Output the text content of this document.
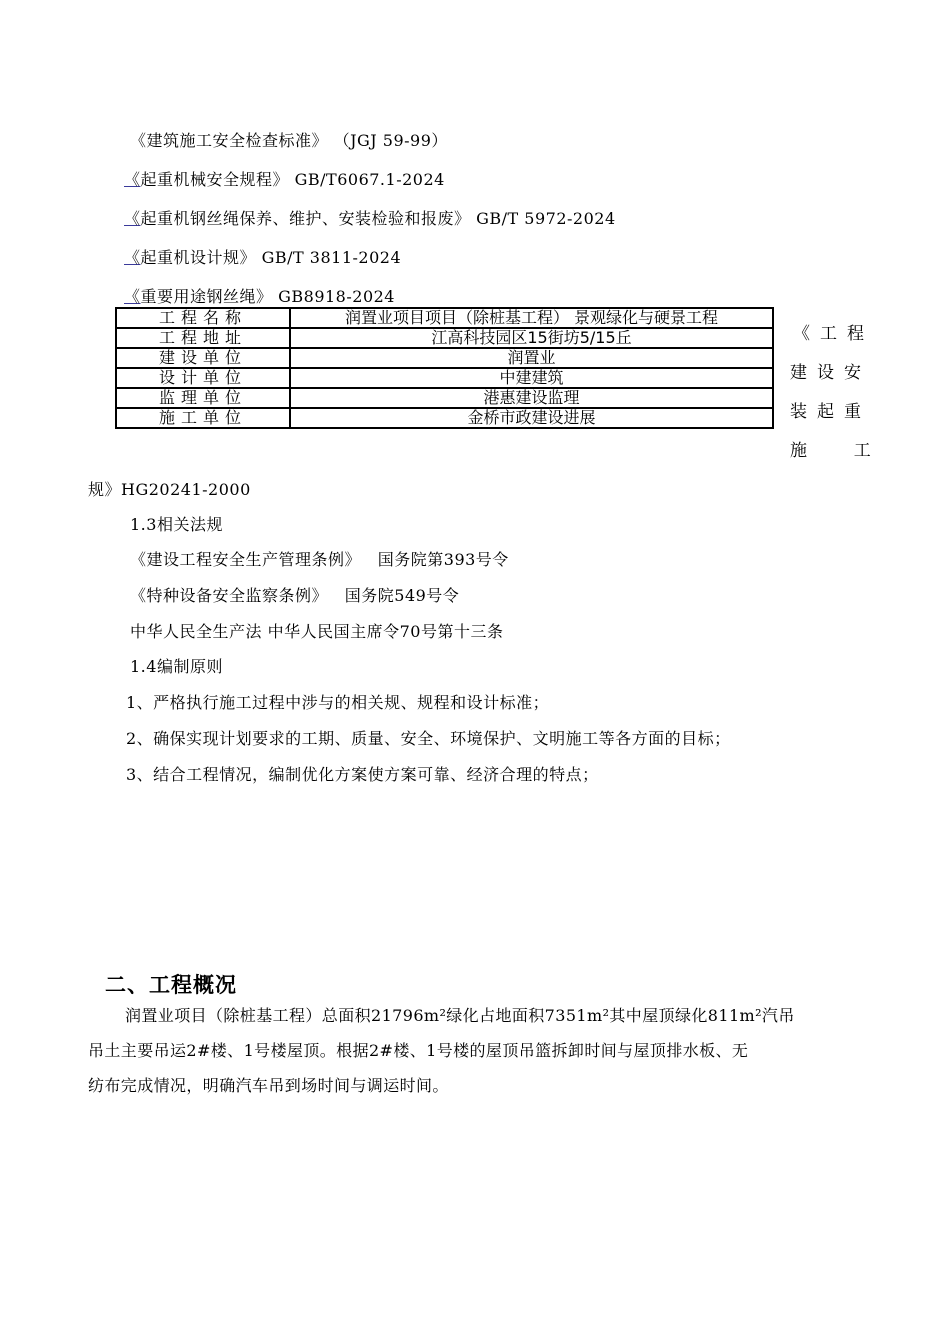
《建筑施工安全检查标准》 （JGJ 59-99）
《起重机械安全规程》 GB/T6067.1-2024
《起重机钢丝绳保养、维护、安装检验和报废》 GB/T 5972-2024
《起重机设计规》 GB/T 3811-2024
《重要用途钢丝绳》 GB8918-2024
工程名称	润置业项目项目（除桩基工程） 景观绿化与硬景工程
工程地址	江高科技园区15街坊5/15丘
建设单位	润置业
设计单位	中建建筑
监理单位	港惠建设监理
施工单位	金桥市政建设进展
《工程
建设安
装起重
施  工
规》HG20241-2000
1.3相关法规
《建设工程安全生产管理条例》   国务院第393号令
《特种设备安全监察条例》   国务院549号令
中华人民全生产法 中华人民国主席令70号第十三条
1.4编制原则
1、严格执行施工过程中涉与的相关规、规程和设计标准；
2、确保实现计划要求的工期、质量、安全、环境保护、文明施工等各方面的目标；
3、结合工程情况，编制优化方案使方案可靠、经济合理的特点；
二、工程概况
润置业项目（除桩基工程）总面积21796m²绿化占地面积7351m²其中屋顶绿化811m²汽吊
吊土主要吊运2#楼、1号楼屋顶。根据2#楼、1号楼的屋顶吊篮拆卸时间与屋顶排水板、无
纺布完成情况，明确汽车吊到场时间与调运时间。
